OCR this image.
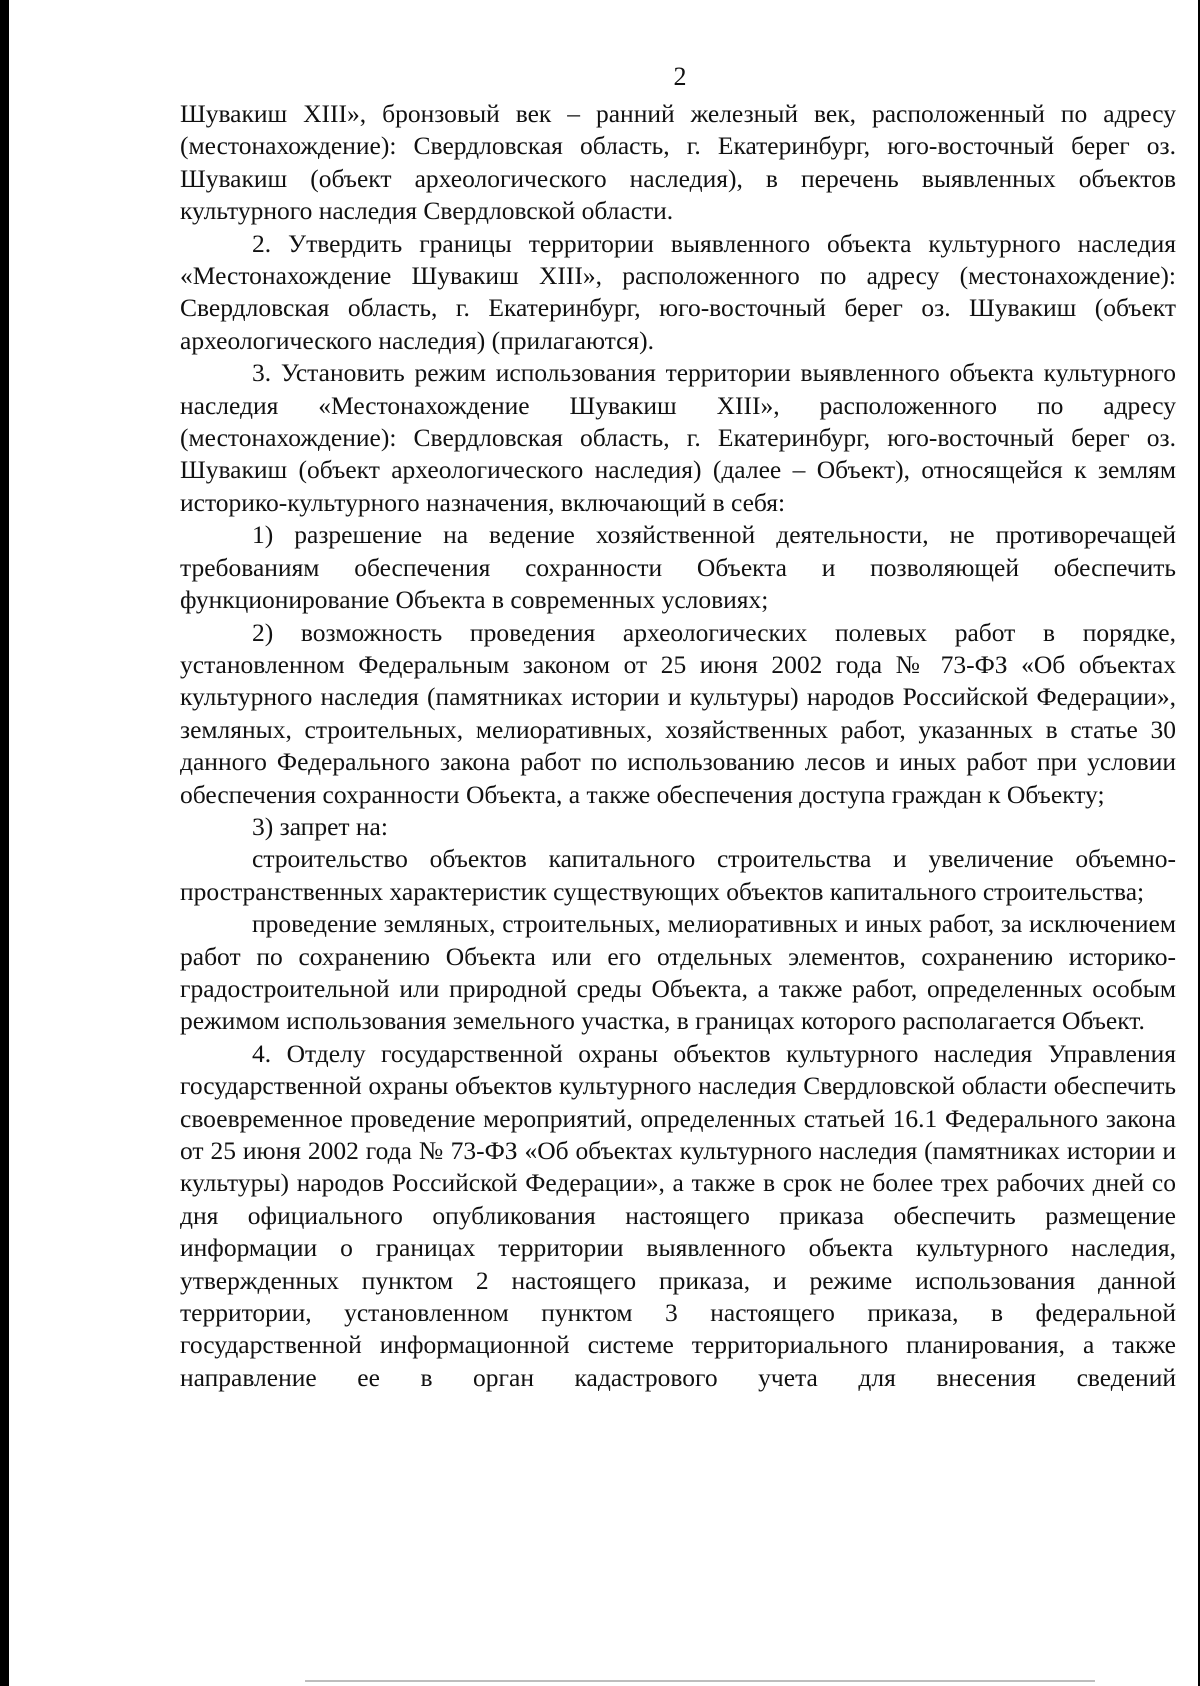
2

Шувакиш XIII», бронзовый век – ранний железный век, расположенный по адресу (местонахождение): Свердловская область, г. Екатеринбург, юго-восточный берег оз. Шувакиш (объект археологического наследия), в перечень выявленных объектов культурного наследия Свердловской области.

2. Утвердить границы территории выявленного объекта культурного наследия «Местонахождение Шувакиш XIII», расположенного по адресу (местонахождение): Свердловская область, г. Екатеринбург, юго-восточный берег оз. Шувакиш (объект археологического наследия) (прилагаются).

3. Установить режим использования территории выявленного объекта культурного наследия «Местонахождение Шувакиш XIII», расположенного по адресу (местонахождение): Свердловская область, г. Екатеринбург, юго-восточный берег оз. Шувакиш (объект археологического наследия) (далее – Объект), относящейся к землям историко-культурного назначения, включающий в себя:

1) разрешение на ведение хозяйственной деятельности, не противоречащей требованиям обеспечения сохранности Объекта и позволяющей обеспечить функционирование Объекта в современных условиях;

2) возможность проведения археологических полевых работ в порядке, установленном Федеральным законом от 25 июня 2002 года № 73-ФЗ «Об объектах культурного наследия (памятниках истории и культуры) народов Российской Федерации», земляных, строительных, мелиоративных, хозяйственных работ, указанных в статье 30 данного Федерального закона работ по использованию лесов и иных работ при условии обеспечения сохранности Объекта, а также обеспечения доступа граждан к Объекту;

3) запрет на:

строительство объектов капитального строительства и увеличение объемно-пространственных характеристик существующих объектов капитального строительства;

проведение земляных, строительных, мелиоративных и иных работ, за исключением работ по сохранению Объекта или его отдельных элементов, сохранению историко-градостроительной или природной среды Объекта, а также работ, определенных особым режимом использования земельного участка, в границах которого располагается Объект.

4. Отделу государственной охраны объектов культурного наследия Управления государственной охраны объектов культурного наследия Свердловской области обеспечить своевременное проведение мероприятий, определенных статьей 16.1 Федерального закона от 25 июня 2002 года № 73-ФЗ «Об объектах культурного наследия (памятниках истории и культуры) народов Российской Федерации», а также в срок не более трех рабочих дней со дня официального опубликования настоящего приказа обеспечить размещение информации о границах территории выявленного объекта культурного наследия, утвержденных пунктом 2 настоящего приказа, и режиме использования данной территории, установленном пунктом 3 настоящего приказа, в федеральной государственной информационной системе территориального планирования, а также направление ее в орган кадастрового учета для внесения сведений
